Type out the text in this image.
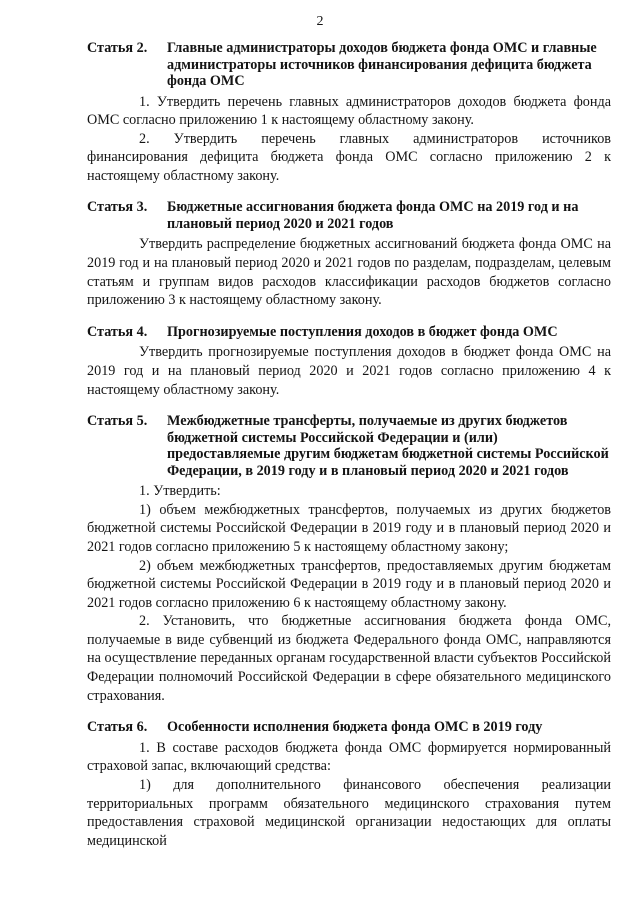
2
Статья 2.	Главные администраторы доходов бюджета фонда ОМС и главные администраторы источников финансирования дефицита бюджета фонда ОМС

1. Утвердить перечень главных администраторов доходов бюджета фонда ОМС согласно приложению 1 к настоящему областному закону.

2. Утвердить перечень главных администраторов источников финансирования дефицита бюджета фонда ОМС согласно приложению 2 к настоящему областному закону.

Статья 3.	Бюджетные ассигнования бюджета фонда ОМС на 2019 год и на плановый период 2020 и 2021 годов

Утвердить распределение бюджетных ассигнований бюджета фонда ОМС на 2019 год и на плановый период 2020 и 2021 годов по разделам, подразделам, целевым статьям и группам видов расходов классификации расходов бюджетов согласно приложению 3 к настоящему областному закону.

Статья 4.	Прогнозируемые поступления доходов в бюджет фонда ОМС

Утвердить прогнозируемые поступления доходов в бюджет фонда ОМС на 2019 год и на плановый период 2020 и 2021 годов согласно приложению 4 к настоящему областному закону.

Статья 5.	Межбюджетные трансферты, получаемые из других бюджетов бюджетной системы Российской Федерации и (или) предоставляемые другим бюджетам бюджетной системы Российской Федерации, в 2019 году и в плановый период 2020 и 2021 годов

1. Утвердить:

1) объем межбюджетных трансфертов, получаемых из других бюджетов бюджетной системы Российской Федерации в 2019 году и в плановый период 2020 и 2021 годов согласно приложению 5 к настоящему областному закону;

2) объем межбюджетных трансфертов, предоставляемых другим бюджетам бюджетной системы Российской Федерации в 2019 году и в плановый период 2020 и 2021 годов согласно приложению 6 к настоящему областному закону.

2. Установить, что бюджетные ассигнования бюджета фонда ОМС, получаемые в виде субвенций из бюджета Федерального фонда ОМС, направляются на осуществление переданных органам государственной власти субъектов Российской Федерации полномочий Российской Федерации в сфере обязательного медицинского страхования.

Статья 6.	Особенности исполнения бюджета фонда ОМС в 2019 году

1. В составе расходов бюджета фонда ОМС формируется нормированный страховой запас, включающий средства:

1) для дополнительного финансового обеспечения реализации территориальных программ обязательного медицинского страхования путем предоставления страховой медицинской организации недостающих для оплаты медицинской
